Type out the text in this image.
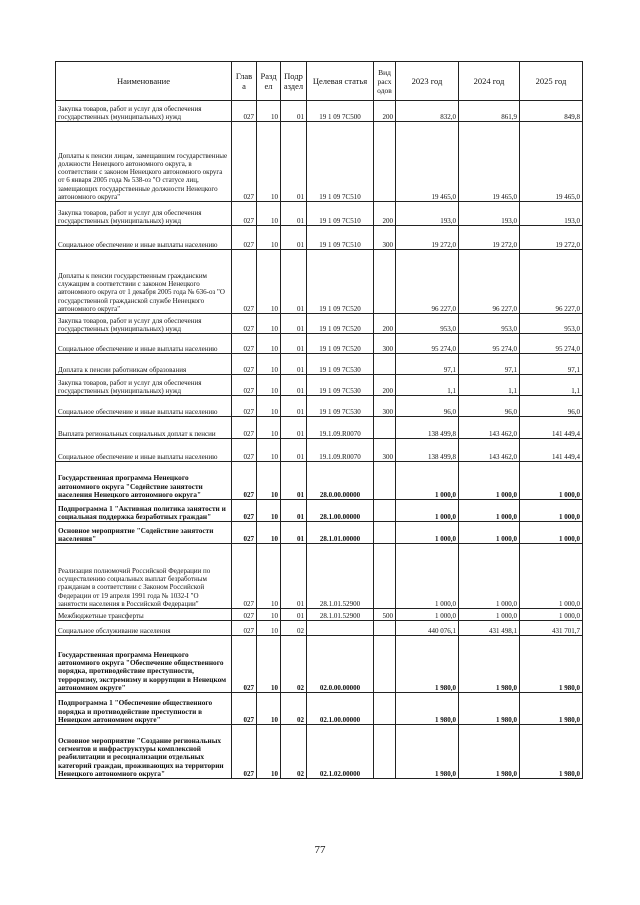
Наименование	Глав а	Разд ел	Подр аздел	Целевая статья	Вид расх одов	2023 год	2024 год	2025 год
Закупка товаров, работ и услуг для обеспечения государственных (муниципальных) нужд	027	10	01	19 1 09 7С500	200	832,0	861,9	849,8
Доплаты к пенсии лицам, замещавшим государственные должности Ненецкого автономного округа, в соответствии с законом Ненецкого автономного округа от 6 января 2005 года № 538-оз "О статусе лиц, замещающих государственные должности Ненецкого автономного округа"	027	10	01	19 1 09 7С510		19 465,0	19 465,0	19 465,0
Закупка товаров, работ и услуг для обеспечения государственных (муниципальных) нужд	027	10	01	19 1 09 7С510	200	193,0	193,0	193,0
Социальное обеспечение и иные выплаты населению	027	10	01	19 1 09 7С510	300	19 272,0	19 272,0	19 272,0
Доплаты к пенсии государственным гражданским служащим в соответствии с законом Ненецкого автономного округа от 1 декабря 2005 года № 636-оз "О государственной гражданской службе Ненецкого автономного округа"	027	10	01	19 1 09 7С520		96 227,0	96 227,0	96 227,0
Закупка товаров, работ и услуг для обеспечения государственных (муниципальных) нужд	027	10	01	19 1 09 7С520	200	953,0	953,0	953,0
Социальное обеспечение и иные выплаты населению	027	10	01	19 1 09 7С520	300	95 274,0	95 274,0	95 274,0
Доплата к пенсии работникам образования	027	10	01	19 1 09 7С530		97,1	97,1	97,1
Закупка товаров, работ и услуг для обеспечения государственных (муниципальных) нужд	027	10	01	19 1 09 7С530	200	1,1	1,1	1,1
Социальное обеспечение и иные выплаты населению	027	10	01	19 1 09 7С530	300	96,0	96,0	96,0
Выплата региональных социальных доплат к пенсии	027	10	01	19.1.09.R0070		138 499,8	143 462,0	141 449,4
Социальное обеспечение и иные выплаты населению	027	10	01	19.1.09.R0070	300	138 499,8	143 462,0	141 449,4
Государственная программа Ненецкого автономного округа "Содействие занятости населения Ненецкого автономного округа"	027	10	01	28.0.00.00000		1 000,0	1 000,0	1 000,0
Подпрограмма 1 "Активная политика занятости и социальная поддержка безработных граждан"	027	10	01	28.1.00.00000		1 000,0	1 000,0	1 000,0
Основное мероприятие "Содействие занятости населения"	027	10	01	28.1.01.00000		1 000,0	1 000,0	1 000,0
Реализация полномочий Российской Федерации по осуществлению социальных выплат безработным гражданам в соответствии с Законом Российской Федерации от 19 апреля 1991 года № 1032-I "О занятости населения в Российской Федерации"	027	10	01	28.1.01.52900		1 000,0	1 000,0	1 000,0
Межбюджетные трансферты	027	10	01	28.1.01.52900	500	1 000,0	1 000,0	1 000,0
Социальное обслуживание населения	027	10	02			440 076,1	431 498,1	431 701,7
Государственная программа Ненецкого автономного округа "Обеспечение общественного порядка, противодействие преступности, терроризму, экстремизму и коррупции в Ненецком автономном округе"	027	10	02	02.0.00.00000		1 980,0	1 980,0	1 980,0
Подпрограмма 1 "Обеспечение общественного порядка и противодействие преступности в Ненецком автономном округе"	027	10	02	02.1.00.00000		1 980,0	1 980,0	1 980,0
Основное мероприятие "Создание региональных сегментов и инфраструктуры комплексной реабилитации и ресоциализации отдельных категорий граждан, проживающих на территории Ненецкого автономного округа"	027	10	02	02.1.02.00000		1 980,0	1 980,0	1 980,0
77
